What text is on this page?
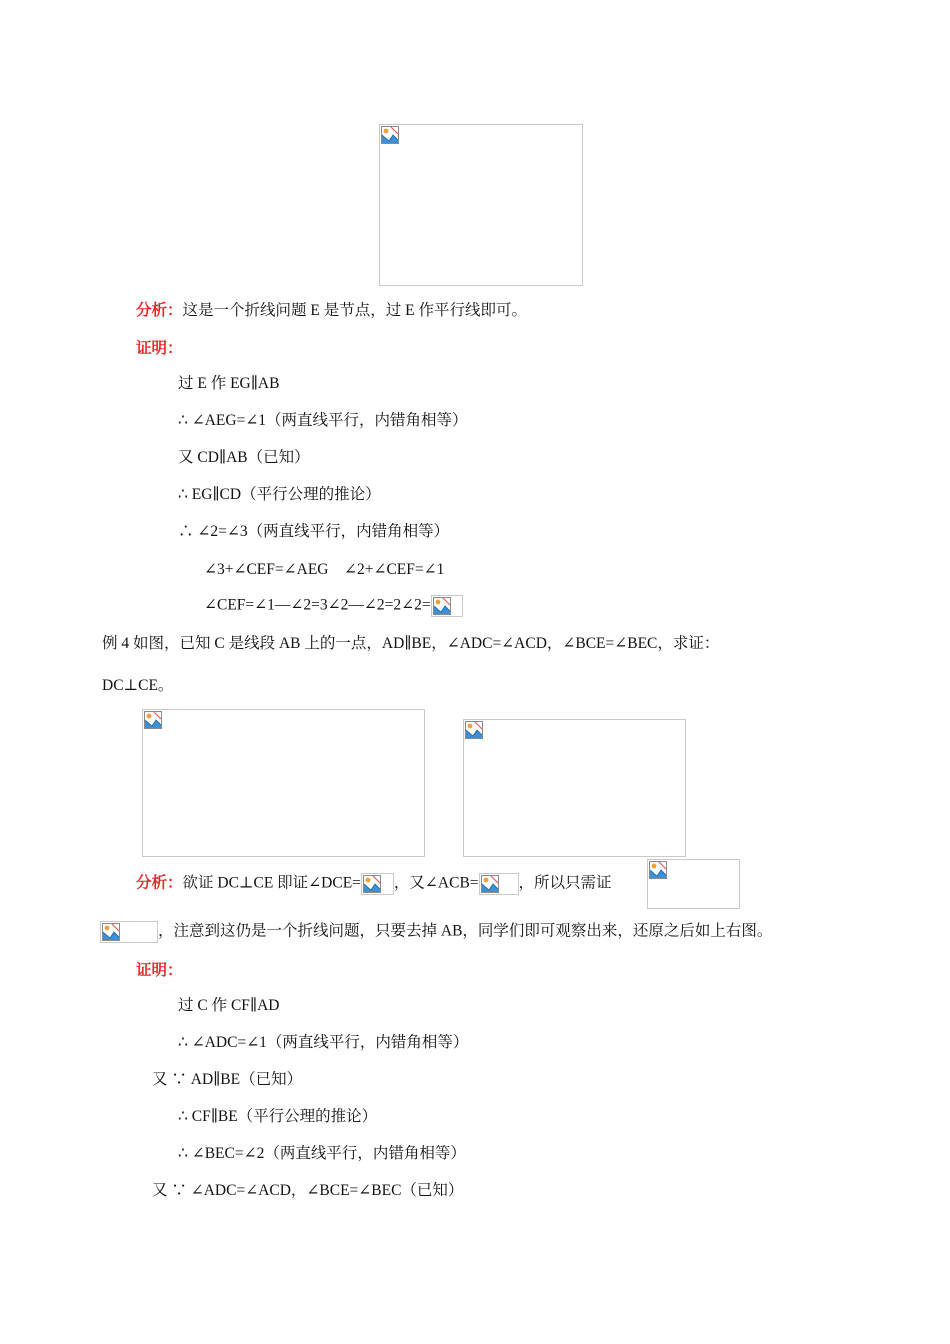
分析：这是一个折线问题 E 是节点，过 E 作平行线即可。
证明：
过 E 作 EG∥AB
∴ ∠AEG=∠1（两直线平行，内错角相等）
又 CD∥AB（已知）
∴ EG∥CD（平行公理的推论）
∴ ∠2=∠3（两直线平行，内错角相等）
∠3+∠CEF=∠AEG　∠2+∠CEF=∠1
∠CEF=∠1—∠2=3∠2—∠2=2∠2=
例 4 如图，已知 C 是线段 AB 上的一点，AD∥BE，∠ADC=∠ACD，∠BCE=∠BEC，求证：
DC⊥CE。
分析：欲证 DC⊥CE 即证∠DCE= ，又∠ACB=	，所以只需证
，注意到这仍是一个折线问题，只要去掉 AB，同学们即可观察出来，还原之后如上右图。
证明：
过 C 作 CF∥AD
∴ ∠ADC=∠1（两直线平行，内错角相等）
又 ∵ AD∥BE（已知）
∴ CF∥BE（平行公理的推论）
∴ ∠BEC=∠2（两直线平行，内错角相等）
又 ∵ ∠ADC=∠ACD，∠BCE=∠BEC（已知）
